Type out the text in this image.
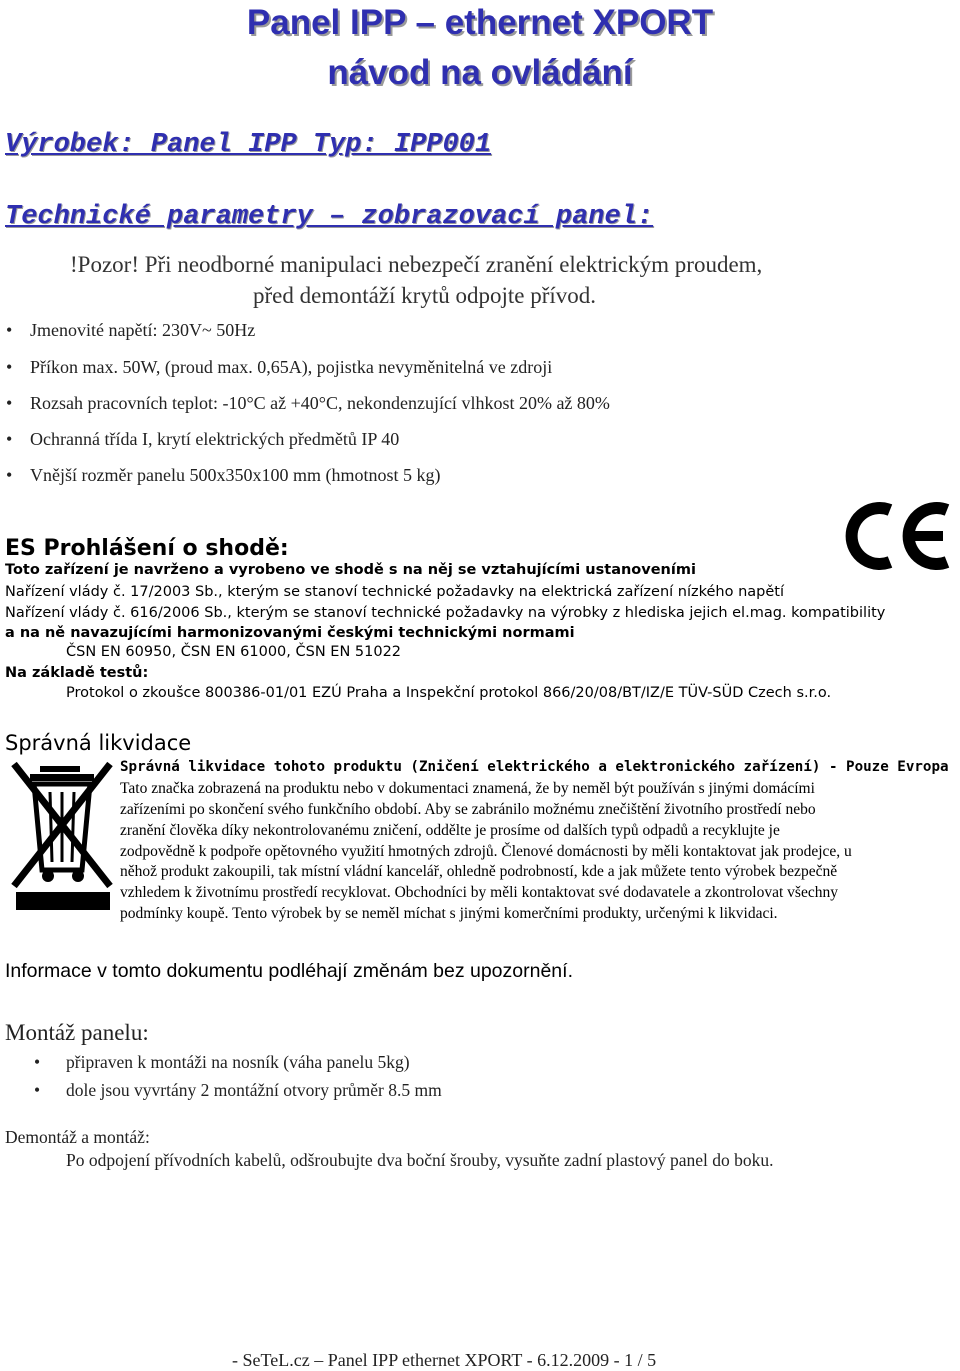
Panel IPP – ethernet XPORT
návod na ovládání
Výrobek: Panel IPP Typ: IPP001
Technické parametry – zobrazovací panel:
!Pozor! Při neodborné manipulaci nebezpečí zranění elektrickým proudem,
před demontáží krytů odpojte přívod.
• Jmenovité napětí: 230V~ 50Hz
• Příkon max. 50W, (proud max. 0,65A), pojistka nevyměnitelná ve zdroji
• Rozsah pracovních teplot: -10°C až +40°C, nekondenzující vlhkost 20% až 80%
• Ochranná třída I, krytí elektrických předmětů IP 40
• Vnější rozměr panelu 500x350x100 mm (hmotnost 5 kg)
ES Prohlášení o shodě:
Toto zařízení je navrženo a vyrobeno ve shodě s na něj se vztahujícími ustanoveními
Nařízení vlády č. 17/2003 Sb., kterým se stanoví technické požadavky na elektrická zařízení nízkého napětí
Nařízení vlády č. 616/2006 Sb., kterým se stanoví technické požadavky na výrobky z hlediska jejich el.mag. kompatibility
a na ně navazujícími harmonizovanými českými technickými normami
ČSN EN 60950, ČSN EN 61000, ČSN EN 51022
Na základě testů:
Protokol o zkoušce 800386-01/01 EZÚ Praha a Inspekční protokol 866/20/08/BT/IZ/E TÜV-SÜD Czech s.r.o.
Správná likvidace
Správná likvidace tohoto produktu (Zničení elektrického a elektronického zařízení) - Pouze Evropa
Tato značka zobrazená na produktu nebo v dokumentaci znamená, že by neměl být používán s jinými domácími
zařízeními po skončení svého funkčního období. Aby se zabránilo možnému znečištění životního prostředí nebo
zranění člověka díky nekontrolovanému zničení, oddělte je prosíme od dalších typů odpadů a recyklujte je
zodpovědně k podpoře opětovného využití hmotných zdrojů. Členové domácnosti by měli kontaktovat jak prodejce, u
něhož produkt zakoupili, tak místní vládní kancelář, ohledně podrobností, kde a jak můžete tento výrobek bezpečně
vzhledem k životnímu prostředí recyklovat. Obchodníci by měli kontaktovat své dodavatele a zkontrolovat všechny
podmínky koupě. Tento výrobek by se neměl míchat s jinými komerčními produkty, určenými k likvidaci.
Informace v tomto dokumentu podléhají změnám bez upozornění.
Montáž panelu:
• připraven k montáži na nosník (váha panelu 5kg)
• dole jsou vyvrtány 2 montážní otvory průměr 8.5 mm
Demontáž a montáž:
Po odpojení přívodních kabelů, odšroubujte dva boční šrouby, vysuňte zadní plastový panel do boku.
- SeTeL.cz – Panel IPP ethernet XPORT - 6.12.2009 - 1 / 5
